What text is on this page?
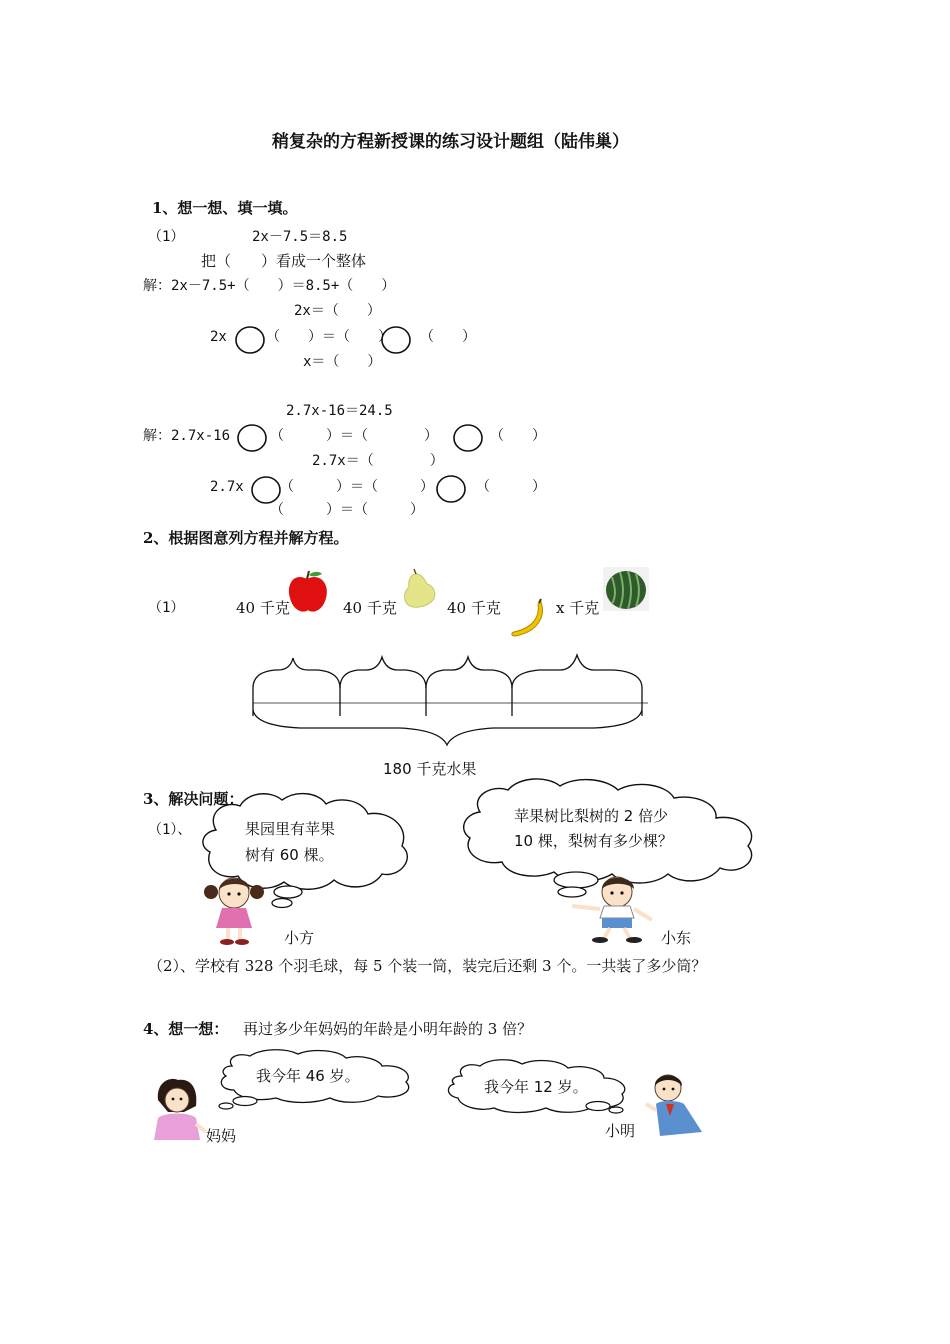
稍复杂的方程新授课的练习设计题组（陆伟巢）
1、想一想、填一填。
（1）	2x－7.5＝8.5
把（　　）看成一个整体
解：2x－7.5+（　　）＝8.5+（　　）
2x＝（　　）
2x	（　　）＝（　　） （　　）
x＝（　　）
2.7x-16＝24.5
解：2.7x-16	（　　　）＝（　　　　）	（　　）
2.7x＝（　　　　）
2.7x	（　　　）＝（　　　）	（　　　）
（　　　）＝（　　　）
2、根据图意列方程并解方程。
（1）	40 千克	40 千克	40 千克	x 千克
180 千克水果
3、解决问题：
（1）、	果园里有苹果
树有 60 棵。
苹果树比梨树的 2 倍少
10 棵，梨树有多少棵？
小方	小东
（2）、学校有 328 个羽毛球，每 5 个装一筒，装完后还剩 3 个。一共装了多少筒？
4、想一想： 再过多少年妈妈的年龄是小明年龄的 3 倍？
我今年 46 岁。
我今年 12 岁。
妈妈	小明
